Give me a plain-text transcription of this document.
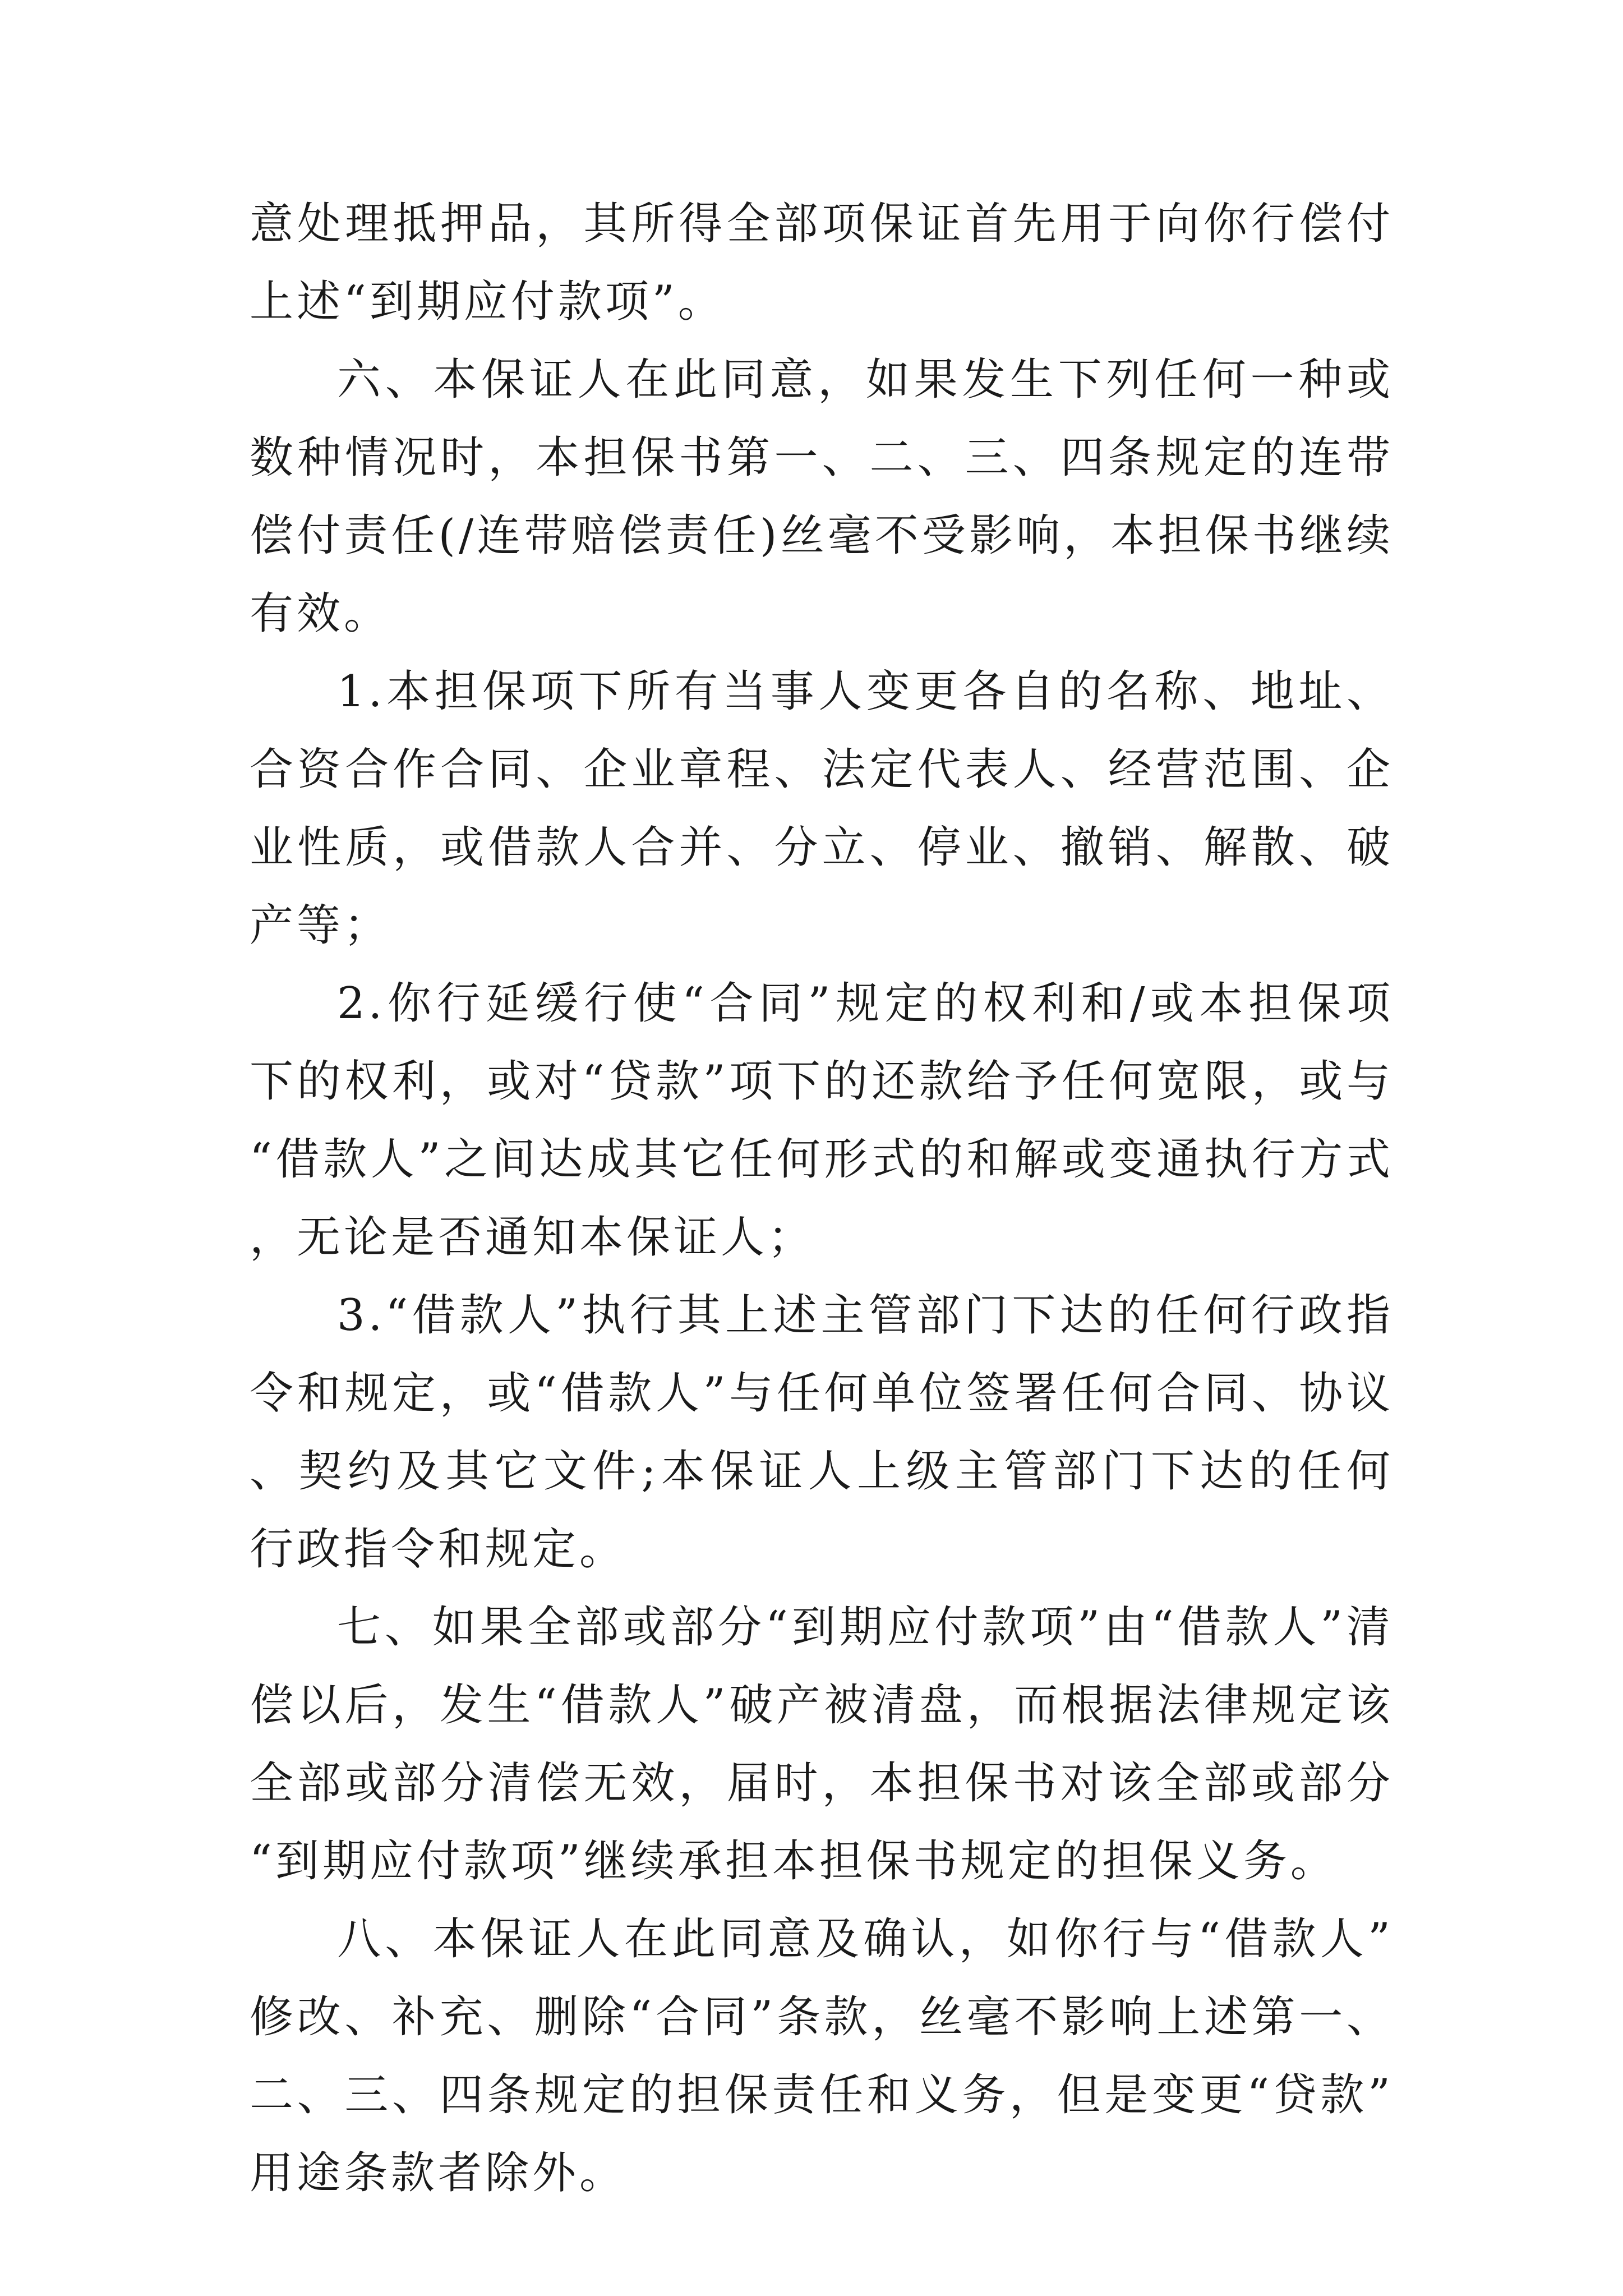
意处理抵押品，其所得全部项保证首先用于向你行偿付上述“到期应付款项”。

六、本保证人在此同意，如果发生下列任何一种或数种情况时，本担保书第一、二、三、四条规定的连带偿付责任(/连带赔偿责任)丝毫不受影响，本担保书继续有效。

1.本担保项下所有当事人变更各自的名称、地址、合资合作合同、企业章程、法定代表人、经营范围、企业性质，或借款人合并、分立、停业、撤销、解散、破产等；

2.你行延缓行使“合同”规定的权利和/或本担保项下的权利，或对“贷款”项下的还款给予任何宽限，或与“借款人”之间达成其它任何形式的和解或变通执行方式，无论是否通知本保证人；

3.“借款人”执行其上述主管部门下达的任何行政指令和规定，或“借款人”与任何单位签署任何合同、协议、契约及其它文件;本保证人上级主管部门下达的任何行政指令和规定。

七、如果全部或部分“到期应付款项”由“借款人”清偿以后，发生“借款人”破产被清盘，而根据法律规定该全部或部分清偿无效，届时，本担保书对该全部或部分“到期应付款项”继续承担本担保书规定的担保义务。

八、本保证人在此同意及确认，如你行与“借款人”修改、补充、删除“合同”条款，丝毫不影响上述第一、二、三、四条规定的担保责任和义务，但是变更“贷款”用途条款者除外。
